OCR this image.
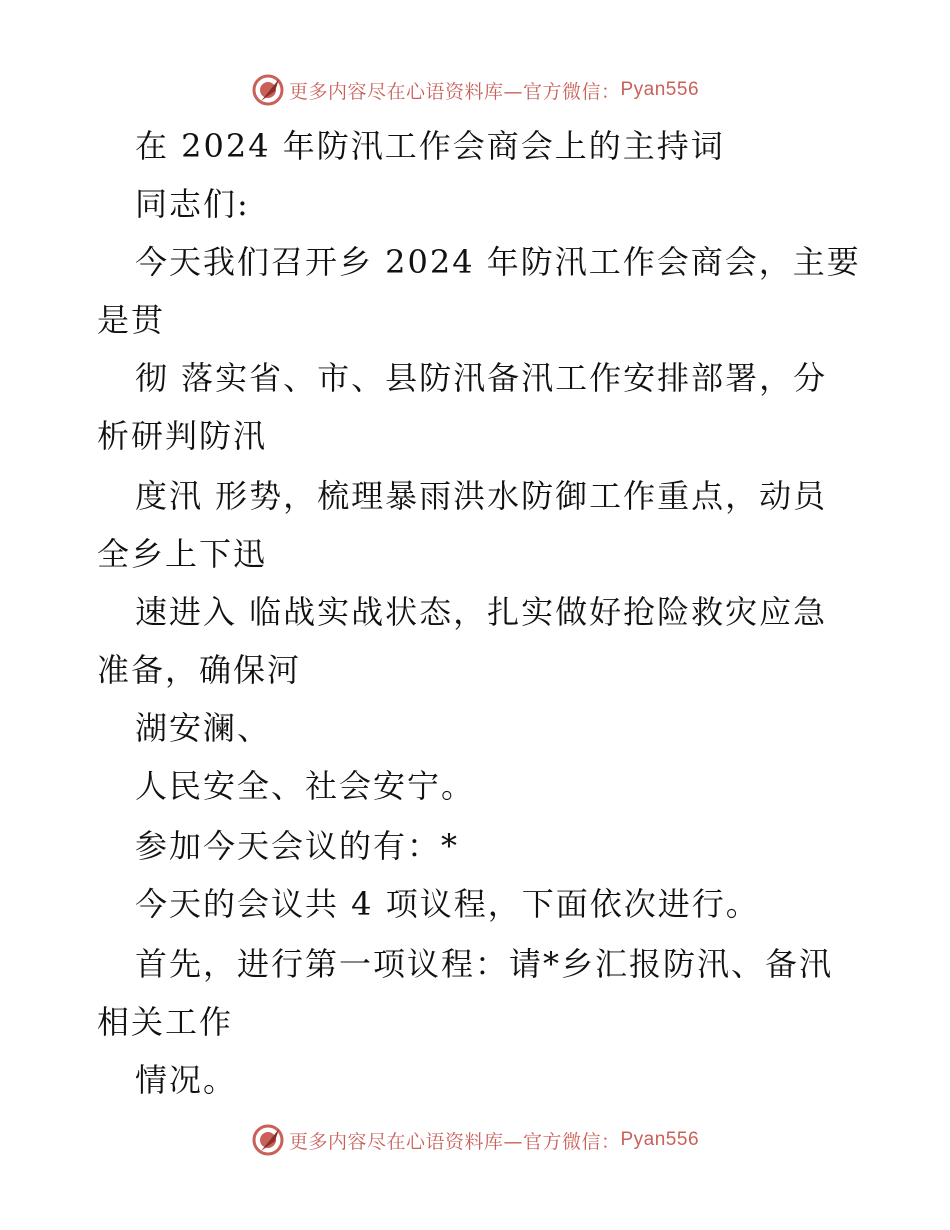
更多内容尽在心语资料库—官方微信： Pyan556
在 2024 年防汛工作会商会上的主持词
同志们:
今天我们召开乡 2024 年防汛工作会商会，主要
是贯
彻 落实省、市、县防汛备汛工作安排部署，分
析研判防汛
度汛 形势，梳理暴雨洪水防御工作重点，动员
全乡上下迅
速进入 临战实战状态，扎实做好抢险救灾应急
准备，确保河
湖安澜、
人民安全、社会安宁。
参加今天会议的有：*
今天的会议共 4 项议程，下面依次进行。
首先，进行第一项议程：请*乡汇报防汛、备汛
相关工作
情况。
更多内容尽在心语资料库—官方微信： Pyan556
